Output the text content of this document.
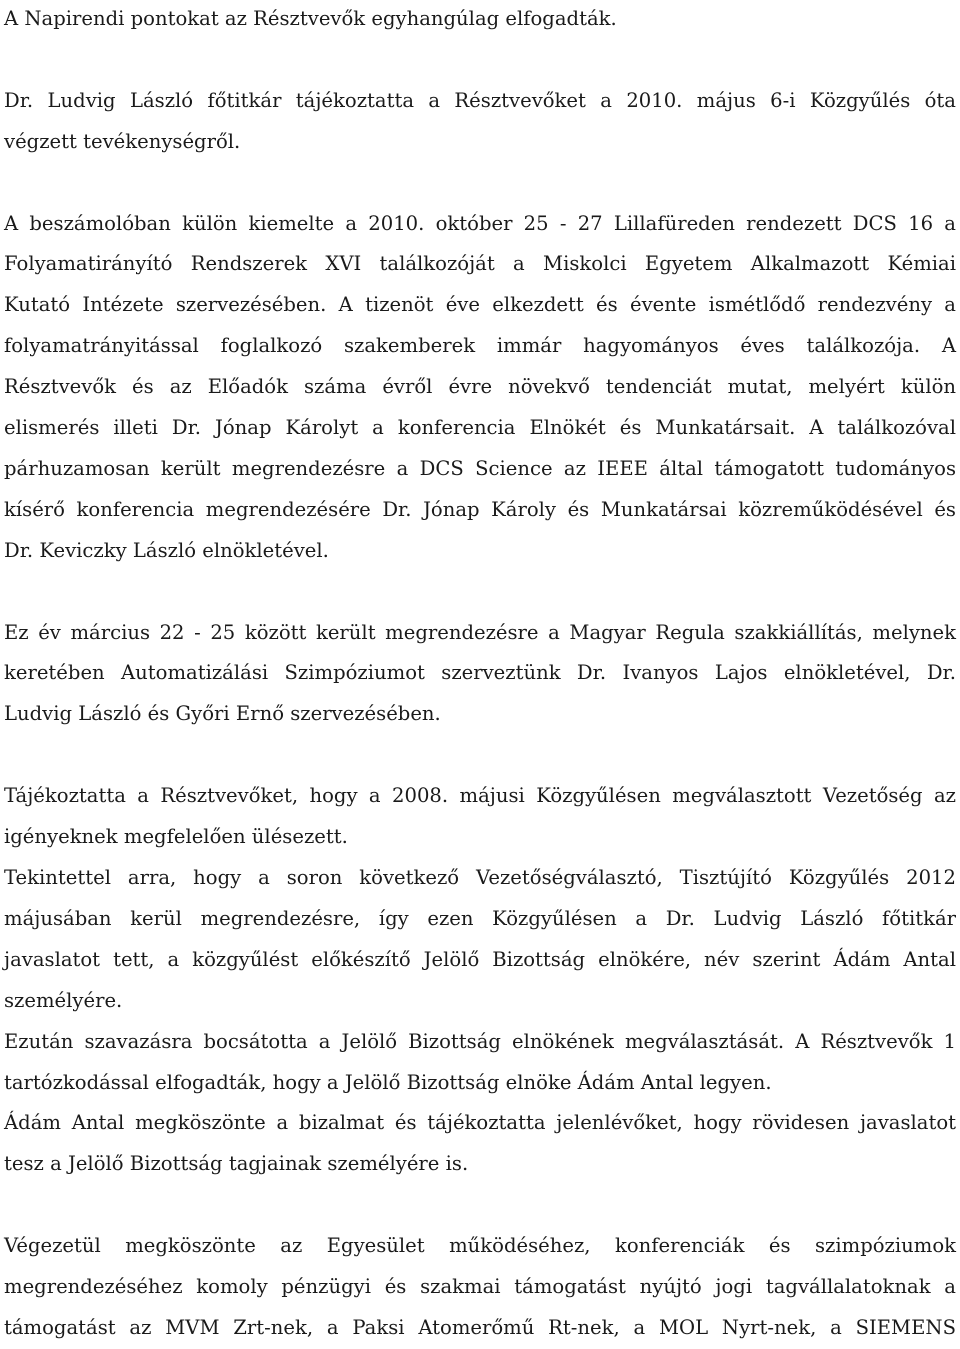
A Napirendi pontokat az Résztvevők egyhangúlag elfogadták.

Dr. Ludvig László főtitkár tájékoztatta a Résztvevőket a 2010. május 6-i Közgyűlés óta
végzett tevékenységről.

A beszámolóban külön kiemelte a 2010. október 25 - 27 Lillafüreden rendezett DCS 16 a
Folyamatirányító Rendszerek XVI találkozóját a Miskolci Egyetem Alkalmazott Kémiai
Kutató Intézete szervezésében. A tizenöt éve elkezdett és évente ismétlődő rendezvény a
folyamatrányitással foglalkozó szakemberek immár hagyományos éves találkozója. A
Résztvevők és az Előadók száma évről évre növekvő tendenciát mutat, melyért külön
elismerés illeti Dr. Jónap Károlyt a konferencia Elnökét és Munkatársait. A találkozóval
párhuzamosan került megrendezésre a DCS Science az IEEE által támogatott tudományos
kísérő konferencia megrendezésére Dr. Jónap Károly és Munkatársai közreműködésével és
Dr. Keviczky László elnökletével.

Ez év március 22 - 25 között került megrendezésre a Magyar Regula szakkiállítás, melynek
keretében Automatizálási Szimpóziumot szerveztünk Dr. Ivanyos Lajos elnökletével, Dr.
Ludvig László és Győri Ernő szervezésében.

Tájékoztatta a Résztvevőket, hogy a 2008. májusi Közgyűlésen megválasztott Vezetőség az
igényeknek megfelelően ülésezett.

Tekintettel arra, hogy a soron következő Vezetőségválasztó, Tisztújító Közgyűlés 2012
májusában kerül megrendezésre, így ezen Közgyűlésen a Dr. Ludvig László főtitkár
javaslatot tett, a közgyűlést előkészítő Jelölő Bizottság elnökére, név szerint Ádám Antal
személyére.

Ezután szavazásra bocsátotta a Jelölő Bizottság elnökének megválasztását. A Résztvevők 1
tartózkodással elfogadták, hogy a Jelölő Bizottság elnöke Ádám Antal legyen.

Ádám Antal megköszönte a bizalmat és tájékoztatta jelenlévőket, hogy rövidesen javaslatot
tesz a Jelölő Bizottság tagjainak személyére is.

Végezetül megköszönte az Egyesület működéséhez, konferenciák és szimpóziumok
megrendezéséhez komoly pénzügyi és szakmai támogatást nyújtó jogi tagvállalatoknak a
támogatást az MVM Zrt-nek, a Paksi Atomerőmű Rt-nek, a MOL Nyrt-nek, a SIEMENS
